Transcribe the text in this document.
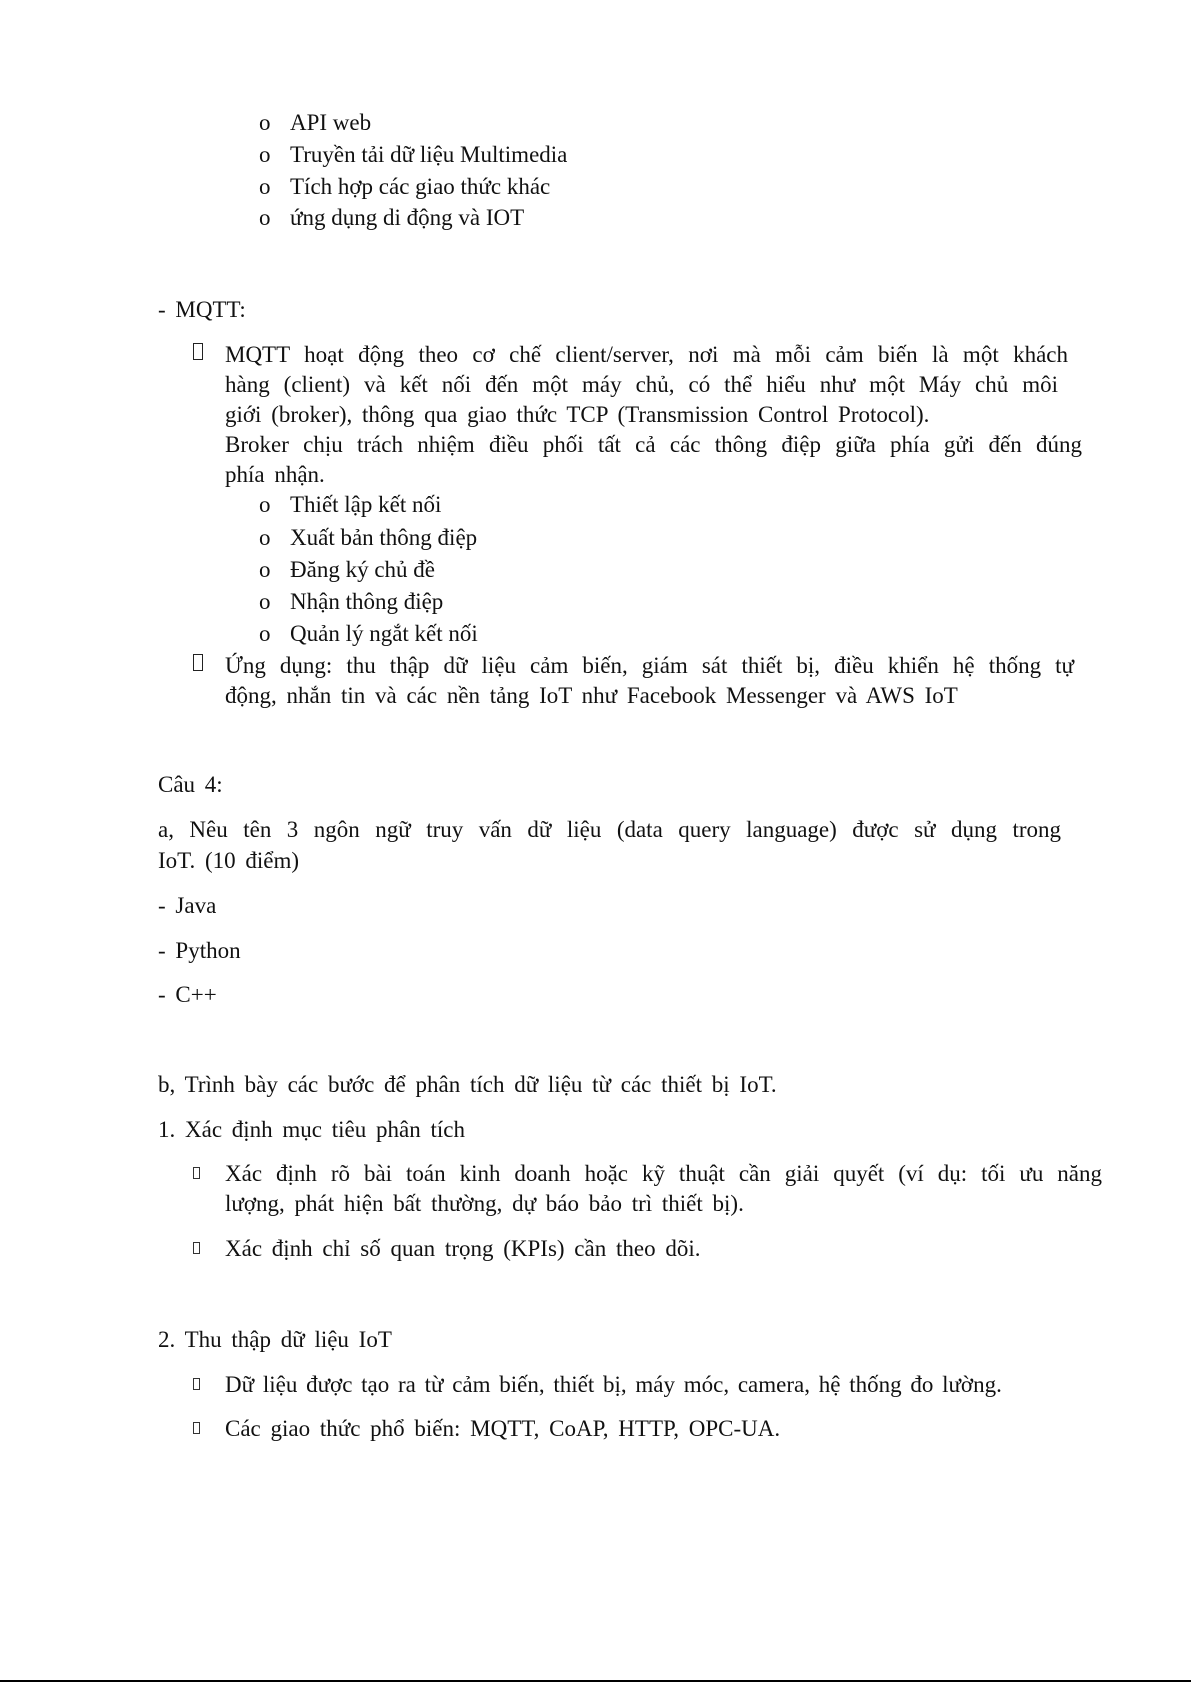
o API web
o Truyền tải dữ liệu Multimedia
o Tích hợp các giao thức khác
o ứng dụng di động và IOT
- MQTT:
MQTT hoạt động theo cơ chế client/server, nơi mà mỗi cảm biến là một khách
hàng (client) và kết nối đến một máy chủ, có thể hiểu như một Máy chủ môi
giới (broker), thông qua giao thức TCP (Transmission Control Protocol).
Broker chịu trách nhiệm điều phối tất cả các thông điệp giữa phía gửi đến đúng
phía nhận.
o Thiết lập kết nối
o Xuất bản thông điệp
o Đăng ký chủ đề
o Nhận thông điệp
o Quản lý ngắt kết nối
Ứng dụng: thu thập dữ liệu cảm biến, giám sát thiết bị, điều khiển hệ thống tự
động, nhắn tin và các nền tảng IoT như Facebook Messenger và AWS IoT
Câu 4:
a, Nêu tên 3 ngôn ngữ truy vấn dữ liệu (data query language) được sử dụng trong
IoT. (10 điểm)
- Java
- Python
- C++
b, Trình bày các bước để phân tích dữ liệu từ các thiết bị IoT.
1. Xác định mục tiêu phân tích
Xác định rõ bài toán kinh doanh hoặc kỹ thuật cần giải quyết (ví dụ: tối ưu năng
lượng, phát hiện bất thường, dự báo bảo trì thiết bị).
Xác định chỉ số quan trọng (KPIs) cần theo dõi.
2. Thu thập dữ liệu IoT
Dữ liệu được tạo ra từ cảm biến, thiết bị, máy móc, camera, hệ thống đo lường.
Các giao thức phổ biến: MQTT, CoAP, HTTP, OPC-UA.
